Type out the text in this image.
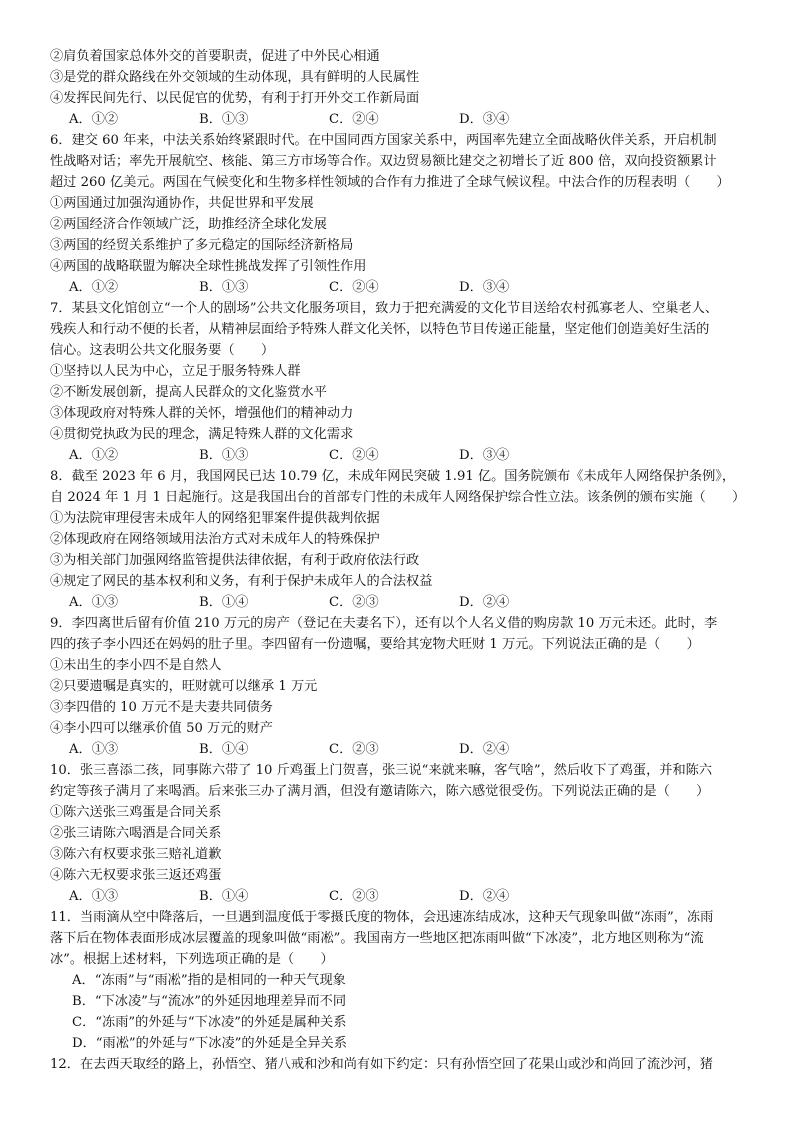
②肩负着国家总体外交的首要职责，促进了中外民心相通
③是党的群众路线在外交领域的生动体现，具有鲜明的人民属性
④发挥民间先行、以民促官的优势，有利于打开外交工作新局面
A．①②	B．①③	C．②④	D．③④
6．建交 60 年来，中法关系始终紧跟时代。在中国同西方国家关系中，两国率先建立全面战略伙伴关系，开启机制
性战略对话；率先开展航空、核能、第三方市场等合作。双边贸易额比建交之初增长了近 800 倍，双向投资额累计
超过 260 亿美元。两国在气候变化和生物多样性领域的合作有力推进了全球气候议程。中法合作的历程表明（　　）
①两国通过加强沟通协作，共促世界和平发展
②两国经济合作领域广泛，助推经济全球化发展
③两国的经贸关系维护了多元稳定的国际经济新格局
④两国的战略联盟为解决全球性挑战发挥了引领性作用
A．①②	B．①③	C．②④	D．③④
7．某县文化馆创立“一个人的剧场”公共文化服务项目，致力于把充满爱的文化节目送给农村孤寡老人、空巢老人、
残疾人和行动不便的长者，从精神层面给予特殊人群文化关怀，以特色节目传递正能量，坚定他们创造美好生活的
信心。这表明公共文化服务要（　　）
①坚持以人民为中心，立足于服务特殊人群
②不断发展创新，提高人民群众的文化鉴赏水平
③体现政府对特殊人群的关怀，增强他们的精神动力
④贯彻党执政为民的理念，满足特殊人群的文化需求
A．①②	B．①③	C．②④	D．③④
8．截至 2023 年 6 月，我国网民已达 10.79 亿，未成年网民突破 1.91 亿。国务院颁布《未成年人网络保护条例》，
自 2024 年 1 月 1 日起施行。这是我国出台的首部专门性的未成年人网络保护综合性立法。该条例的颁布实施（　　）
①为法院审理侵害未成年人的网络犯罪案件提供裁判依据
②体现政府在网络领域用法治方式对未成年人的特殊保护
③为相关部门加强网络监管提供法律依据，有利于政府依法行政
④规定了网民的基本权利和义务，有利于保护未成年人的合法权益
A．①③	B．①④	C．②③	D．②④
9．李四离世后留有价值 210 万元的房产（登记在夫妻名下），还有以个人名义借的购房款 10 万元未还。此时，李
四的孩子李小四还在妈妈的肚子里。李四留有一份遗嘱，要给其宠物犬旺财 1 万元。下列说法正确的是（　　）
①未出生的李小四不是自然人
②只要遗嘱是真实的，旺财就可以继承 1 万元
③李四借的 10 万元不是夫妻共同债务
④李小四可以继承价值 50 万元的财产
A．①③	B．①④	C．②③	D．②④
10．张三喜添二孩，同事陈六带了 10 斤鸡蛋上门贺喜，张三说“来就来嘛，客气啥”，然后收下了鸡蛋，并和陈六
约定等孩子满月了来喝酒。后来张三办了满月酒，但没有邀请陈六，陈六感觉很受伤。下列说法正确的是（　　）
①陈六送张三鸡蛋是合同关系
②张三请陈六喝酒是合同关系
③陈六有权要求张三赔礼道歉
④陈六无权要求张三返还鸡蛋
A．①③	B．①④	C．②③	D．②④
11．当雨滴从空中降落后，一旦遇到温度低于零摄氏度的物体，会迅速冻结成冰，这种天气现象叫做“冻雨”，冻雨
落下后在物体表面形成冰层覆盖的现象叫做“雨凇”。我国南方一些地区把冻雨叫做“下冰凌”，北方地区则称为“流
冰”。根据上述材料，下列选项正确的是（　　）
A．“冻雨”与“雨凇”指的是相同的一种天气现象
B．“下冰凌”与“流冰”的外延因地理差异而不同
C．“冻雨”的外延与“下冰凌”的外延是属种关系
D．“雨凇”的外延与“下冰凌”的外延是全异关系
12．在去西天取经的路上，孙悟空、猪八戒和沙和尚有如下约定：只有孙悟空回了花果山或沙和尚回了流沙河，猪
